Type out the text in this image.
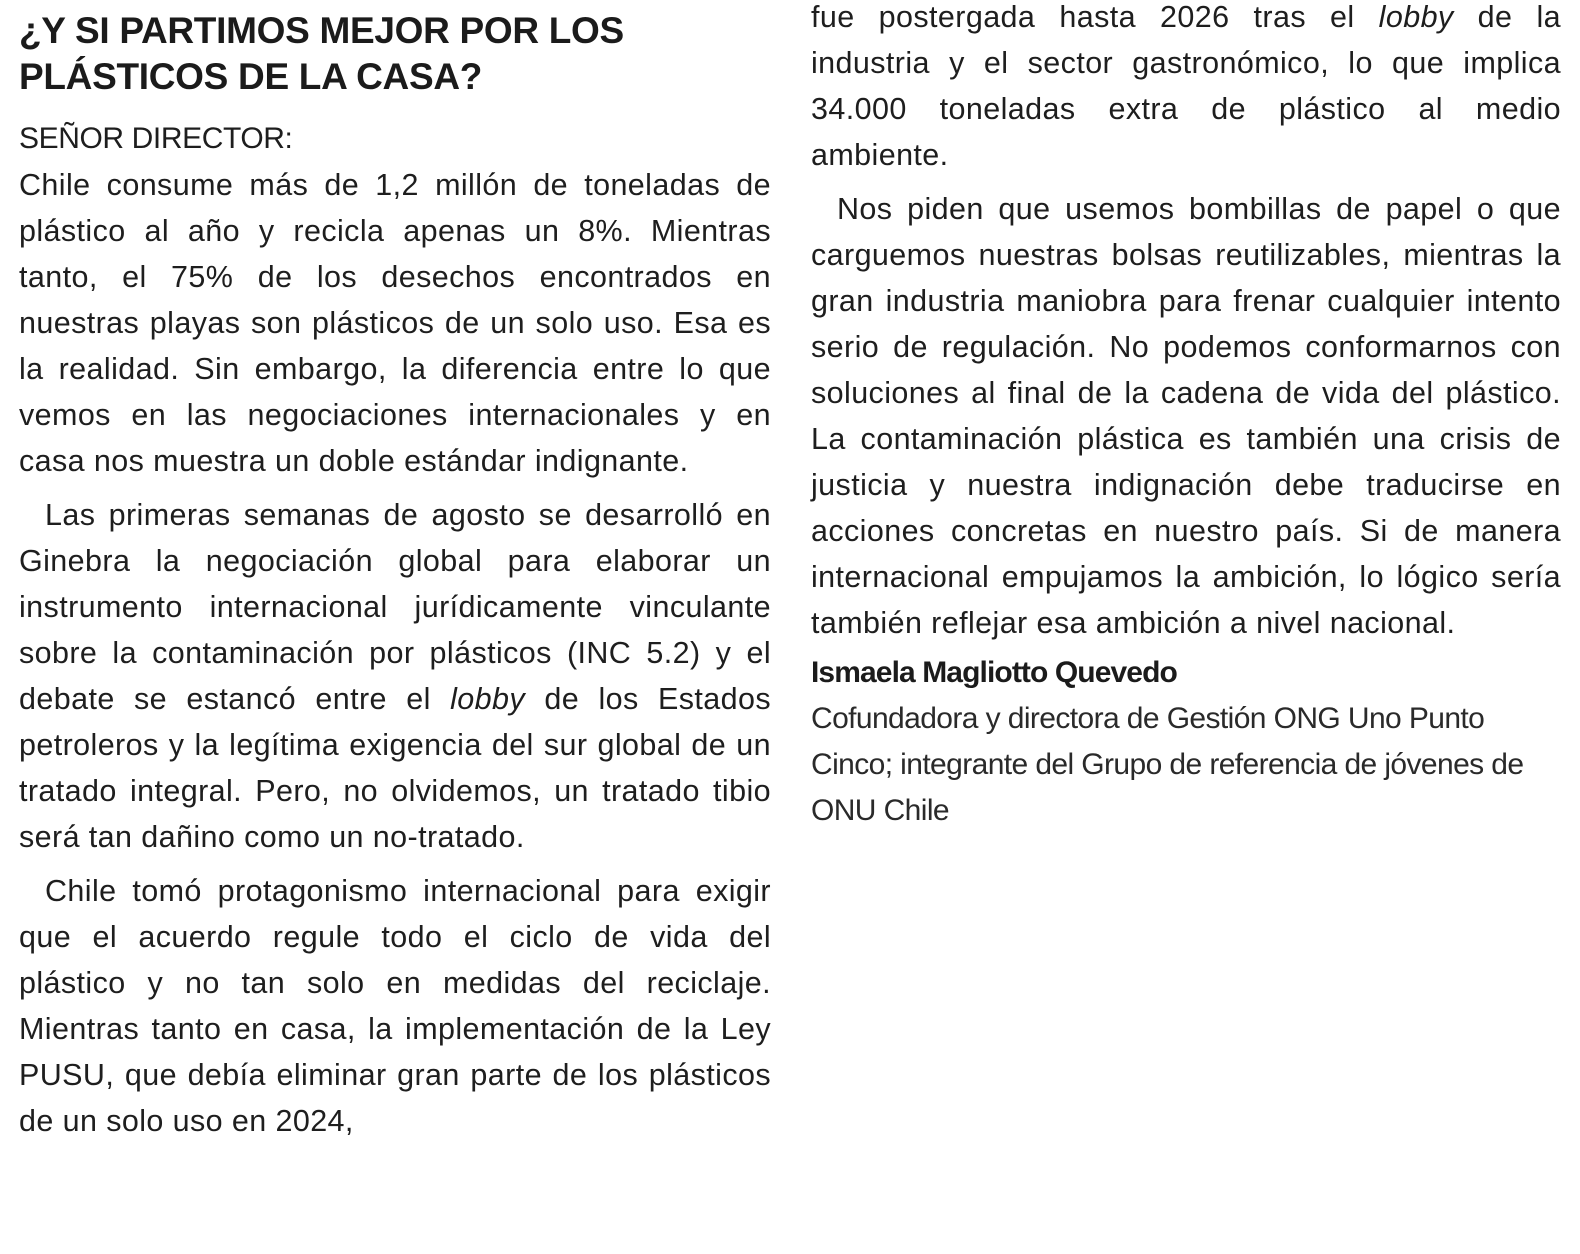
¿Y SI PARTIMOS MEJOR POR LOS PLÁSTICOS DE LA CASA?

SEÑOR DIRECTOR:

Chile consume más de 1,2 millón de toneladas de plástico al año y recicla apenas un 8%. Mientras tanto, el 75% de los desechos encontrados en nuestras playas son plásticos de un solo uso. Esa es la realidad. Sin embargo, la diferencia entre lo que vemos en las negociaciones internacionales y en casa nos muestra un doble estándar indignante.

Las primeras semanas de agosto se desarrolló en Ginebra la negociación global para elaborar un instrumento internacional jurídicamente vinculante sobre la contaminación por plásticos (INC 5.2) y el debate se estancó entre el lobby de los Estados petroleros y la legítima exigencia del sur global de un tratado integral. Pero, no olvidemos, un tratado tibio será tan dañino como un no-tratado.

Chile tomó protagonismo internacional para exigir que el acuerdo regule todo el ciclo de vida del plástico y no tan solo en medidas del reciclaje. Mientras tanto en casa, la implementación de la Ley PUSU, que debía eliminar gran parte de los plásticos de un solo uso en 2024,

fue postergada hasta 2026 tras el lobby de la industria y el sector gastronómico, lo que implica 34.000 toneladas extra de plástico al medio ambiente.

Nos piden que usemos bombillas de papel o que carguemos nuestras bolsas reutilizables, mientras la gran industria maniobra para frenar cualquier intento serio de regulación. No podemos conformarnos con soluciones al final de la cadena de vida del plástico. La contaminación plástica es también una crisis de justicia y nuestra indignación debe traducirse en acciones concretas en nuestro país. Si de manera internacional empujamos la ambición, lo lógico sería también reflejar esa ambición a nivel nacional.

Ismaela Magliotto Quevedo

Cofundadora y directora de Gestión ONG Uno Punto Cinco; integrante del Grupo de referencia de jóvenes de ONU Chile
